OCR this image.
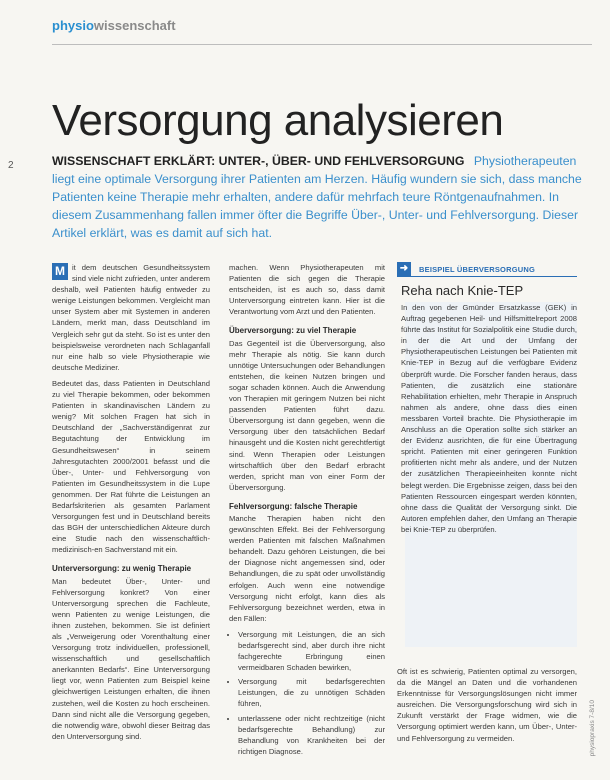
physiowissenschaft
2
Versorgung analysieren
WISSENSCHAFT ERKLÄRT: UNTER-, ÜBER- UND FEHLVERSORGUNG Physiotherapeuten liegt eine optimale Versorgung ihrer Patienten am Herzen. Häufig wundern sie sich, dass manche Patienten keine Therapie mehr erhalten, andere dafür mehrfach teure Röntgenaufnahmen. In diesem Zusammenhang fallen immer öfter die Begriffe Über-, Unter- und Fehlversorgung. Dieser Artikel erklärt, was es damit auf sich hat.

M it dem deutschen Gesundheitssystem sind viele nicht zufrieden, unter anderem deshalb, weil Patienten häufig entweder zu wenige Leistungen bekommen. Vergleicht man unser System aber mit Systemen in anderen Ländern, merkt man, dass Deutschland im Vergleich sehr gut da steht. So ist es unter den beispielsweise verordneten nach Schlaganfall nur eine halb so viele Physiotherapie wie deutsche Mediziner.

Bedeutet das, dass Patienten in Deutschland zu viel Therapie bekommen, oder bekommen Patienten in skandinavischen Ländern zu wenig? Mit solchen Fragen hat sich in Deutschland der „Sachverständigenrat zur Begutachtung der Entwicklung im Gesundheitswesen“ in seinem Jahresgutachten 2000/2001 befasst und die Über-, Unter- und Fehlversorgung von Patienten im Gesundheitssystem in die Lupe genommen. Der Rat führte die Leistungen an Bedarfskriterien als gesamten Parlament Versorgungen fest und in Deutschland bereits das BGH der unterschiedlichen Akteure durch eine Studie nach den wissenschaftlich-medizinisch-en Sachverstand mit ein.

Unterversorgung: zu wenig Therapie

Man bedeutet Über-, Unter- und Fehlversorgung konkret? Von einer Unterversorgung sprechen die Fachleute, wenn Patienten zu wenige Leistungen, die ihnen zustehen, bekommen. Sie ist definiert als „Verweigerung oder Vorenthaltung einer Versorgung trotz individuellen, professionell, wissenschaftlich und gesellschaftlich anerkannten Bedarfs“. Eine Unterversorgung liegt vor, wenn Patienten zum Beispiel keine gleichwertigen Leistungen erhalten, die ihnen zustehen, weil die Kosten zu hoch erscheinen. Dann sind nicht alle die Versorgung gegeben, die notwendig wäre, obwohl dieser Beitrag das den Unterversorgung sind.

machen. Wenn Physiotherapeuten mit Patienten die sich gegen die Therapie entscheiden, ist es auch so, dass damit Unterversorgung eintreten kann. Hier ist die Verantwortung vom Arzt und den Patienten.

Überversorgung: zu viel Therapie

Das Gegenteil ist die Überversorgung, also mehr Therapie als nötig. Sie kann durch unnötige Untersuchungen oder Behandlungen entstehen, die keinen Nutzen bringen und sogar schaden können. Auch die Anwendung von Therapien mit geringem Nutzen bei nicht passenden Patienten führt dazu. Überversorgung ist dann gegeben, wenn die Versorgung über den tatsächlichen Bedarf hinausgeht und die Kosten nicht gerechtfertigt sind. Wenn Therapien oder Leistungen wirtschaftlich über den Bedarf erbracht werden, spricht man von einer Form der Überversorgung.

Fehlversorgung: falsche Therapie

Manche Therapien haben nicht den gewünschten Effekt. Bei der Fehlversorgung werden Patienten mit falschen Maßnahmen behandelt. Dazu gehören Leistungen, die bei der Diagnose nicht angemessen sind, oder Behandlungen, die zu spät oder unvollständig erfolgen. Auch wenn eine notwendige Versorgung nicht erfolgt, kann dies als Fehlversorgung bezeichnet werden, etwa in den Fällen:

• Versorgung mit Leistungen, die an sich bedarfsgerecht sind, aber durch ihre nicht fachgerechte Erbringung einen vermeidbaren Schaden bewirken,
• Versorgung mit bedarfsgerechten Leistungen, die zu unnötigen Schäden führen,
• unterlassene oder nicht rechtzeitige (nicht bedarfsgerechte Behandlung) zur Behandlung von Krankheiten bei der richtigen Diagnose.
➜	BEISPIEL ÜBERVERSORGUNG
Reha nach Knie-TEP
In den von der Gmünder Ersatzkasse (GEK) in Auftrag gegebenen Heil- und Hilfsmittelreport 2008 führte das Institut für Sozialpolitik eine Studie durch, in der die Art und der Umfang der Physiotherapeutischen Leistungen bei Patienten mit Knie-TEP in Bezug auf die verfügbare Evidenz überprüft wurde. Die Forscher fanden heraus, dass Patienten, die zusätzlich eine stationäre Rehabilitation erhielten, mehr Therapie in Anspruch nahmen als andere, ohne dass dies einen messbaren Vorteil brachte. Die Physiotherapie im Anschluss an die Operation sollte sich stärker an der Evidenz ausrichten, die für eine Übertragung spricht. Patienten mit einer geringeren Funktion profitierten nicht mehr als andere, und der Nutzen der zusätzlichen Therapieeinheiten konnte nicht belegt werden. Die Ergebnisse zeigen, dass bei den Patienten Ressourcen eingespart werden könnten, ohne dass die Qualität der Versorgung sinkt. Die Autoren empfehlen daher, den Umfang an Therapie bei Knie-TEP zu überprüfen.

Oft ist es schwierig, Patienten optimal zu versorgen, da die Mängel an Daten und die vorhandenen Erkenntnisse für Versorgungslösungen nicht immer ausreichen. Die Versorgungsforschung wird sich in Zukunft verstärkt der Frage widmen, wie die Versorgung optimiert werden kann, um Über-, Unter- und Fehlversorgung zu vermeiden.	physiopraxis 7-8/10
